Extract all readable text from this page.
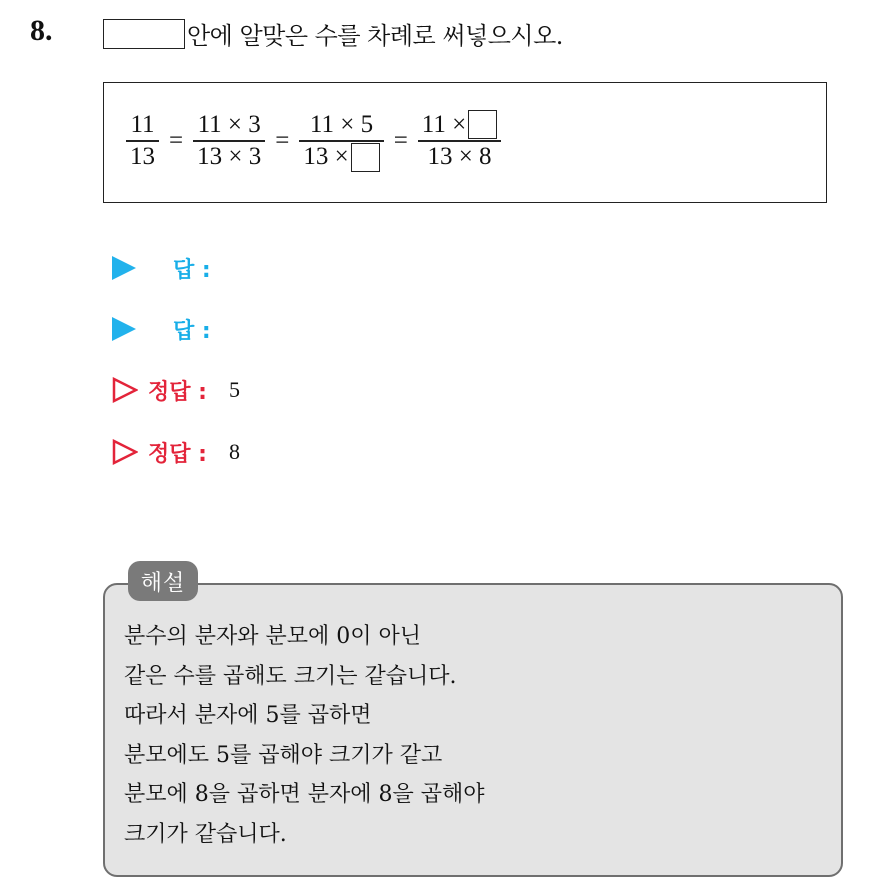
8.	안에 알맞은 수를 차례로 써넣으시오.
$\frac{11}{13} = \frac{11 \times 3}{13 \times 3} = \frac{11 \times 5}{13 \times} = \frac{11 \times}{13 \times 8}$
답 :
답 :
정답 : 5
정답 : 8
해설
분수의 분자와 분모에 0이 아닌
같은 수를 곱해도 크기는 같습니다.
따라서 분자에 5를 곱하면
분모에도 5를 곱해야 크기가 같고
분모에 8을 곱하면 분자에 8을 곱해야
크기가 같습니다.
